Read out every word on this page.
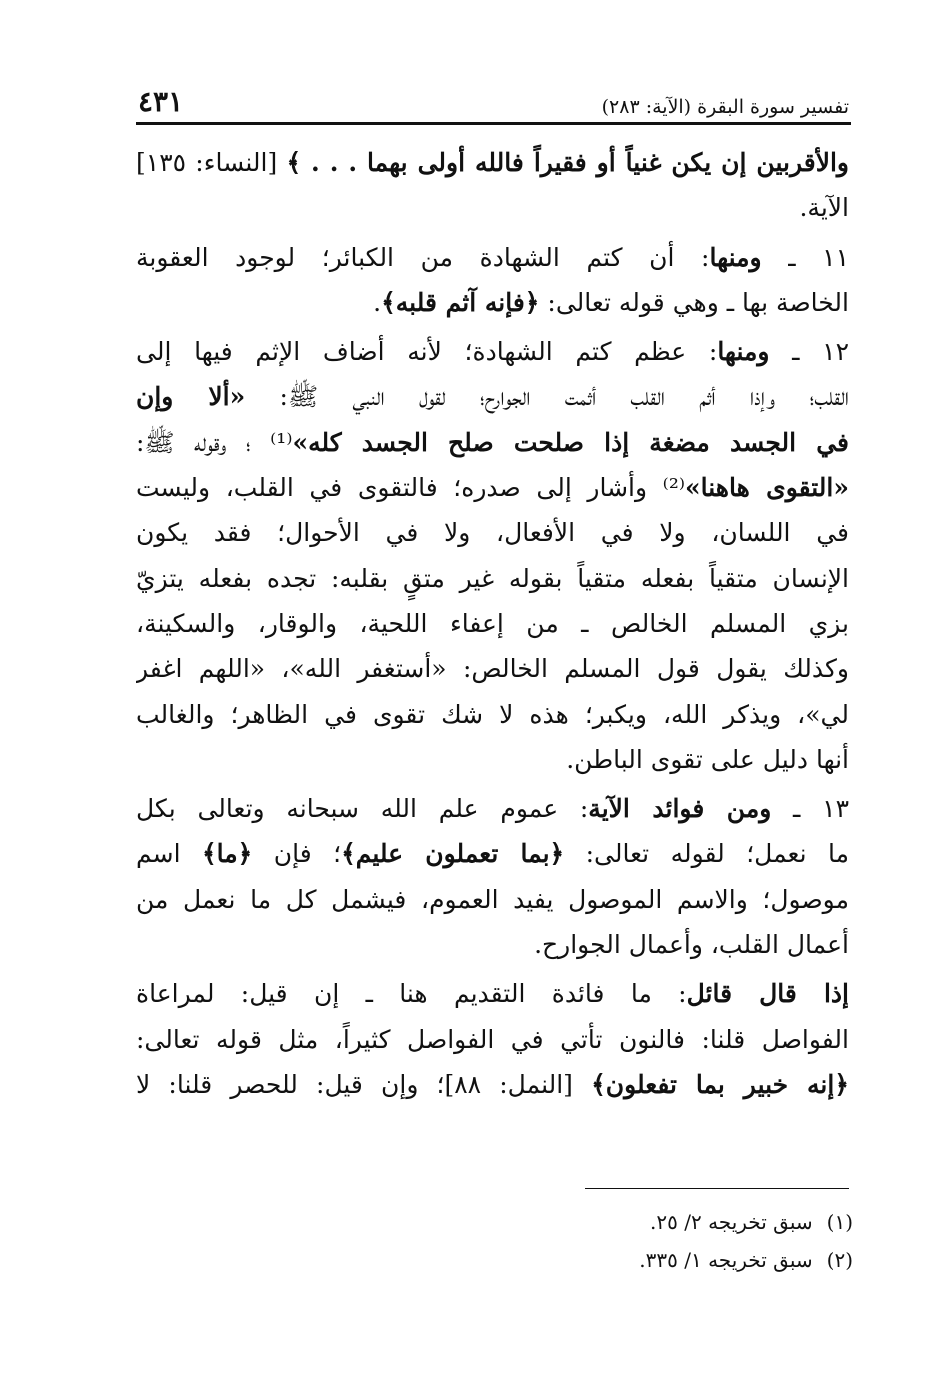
تفسير سورة البقرة (الآية: ٢٨٣)
٤٣١
والأقربين إن يكن غنياً أو فقيراً فالله أولى بهما . . . ﴾ [النساء: ١٣٥]
الآية.
١١ ـ ومنها: أن كتم الشهادة من الكبائر؛ لوجود العقوبة
الخاصة بها ـ وهي قوله تعالى: ﴿فإنه آثم قلبه﴾.
١٢ ـ ومنها: عظم كتم الشهادة؛ لأنه أضاف الإثم فيها إلى
القلب؛ وإذا أثم القلب أثمت الجوارح؛ لقول النبي ﷺ: «ألا وإن
في الجسد مضغة إذا صلحت صلح الجسد كله»⁽¹⁾ ؛ وقوله ﷺ:
«التقوى هاهنا»⁽²⁾ وأشار إلى صدره؛ فالتقوى في القلب، وليست
في اللسان، ولا في الأفعال، ولا في الأحوال؛ فقد يكون
الإنسان متقياً بفعله متقياً بقوله غير متقٍ بقلبه: تجده بفعله يتزيّ
بزي المسلم الخالص ـ من إعفاء اللحية، والوقار، والسكينة،
وكذلك يقول قول المسلم الخالص: «أستغفر الله»، «اللهم اغفر
لي»، ويذكر الله، ويكبر؛ هذه لا شك تقوى في الظاهر؛ والغالب
أنها دليل على تقوى الباطن.
١٣ ـ ومن فوائد الآية: عموم علم الله سبحانه وتعالى بكل
ما نعمل؛ لقوله تعالى: ﴿بما تعملون عليم﴾؛ فإن ﴿ما﴾ اسم
موصول؛ والاسم الموصول يفيد العموم، فيشمل كل ما نعمل من
أعمال القلب، وأعمال الجوارح.
إذا قال قائل: ما فائدة التقديم هنا ـ إن قيل: لمراعاة
الفواصل قلنا: فالنون تأتي في الفواصل كثيراً، مثل قوله تعالى:
﴿إنه خبير بما تفعلون﴾ [النمل: ٨٨]؛ وإن قيل: للحصر قلنا: لا
(١)سبق تخريجه ٢/ ٢٥.
(٢)سبق تخريجه ١/ ٣٣٥.
